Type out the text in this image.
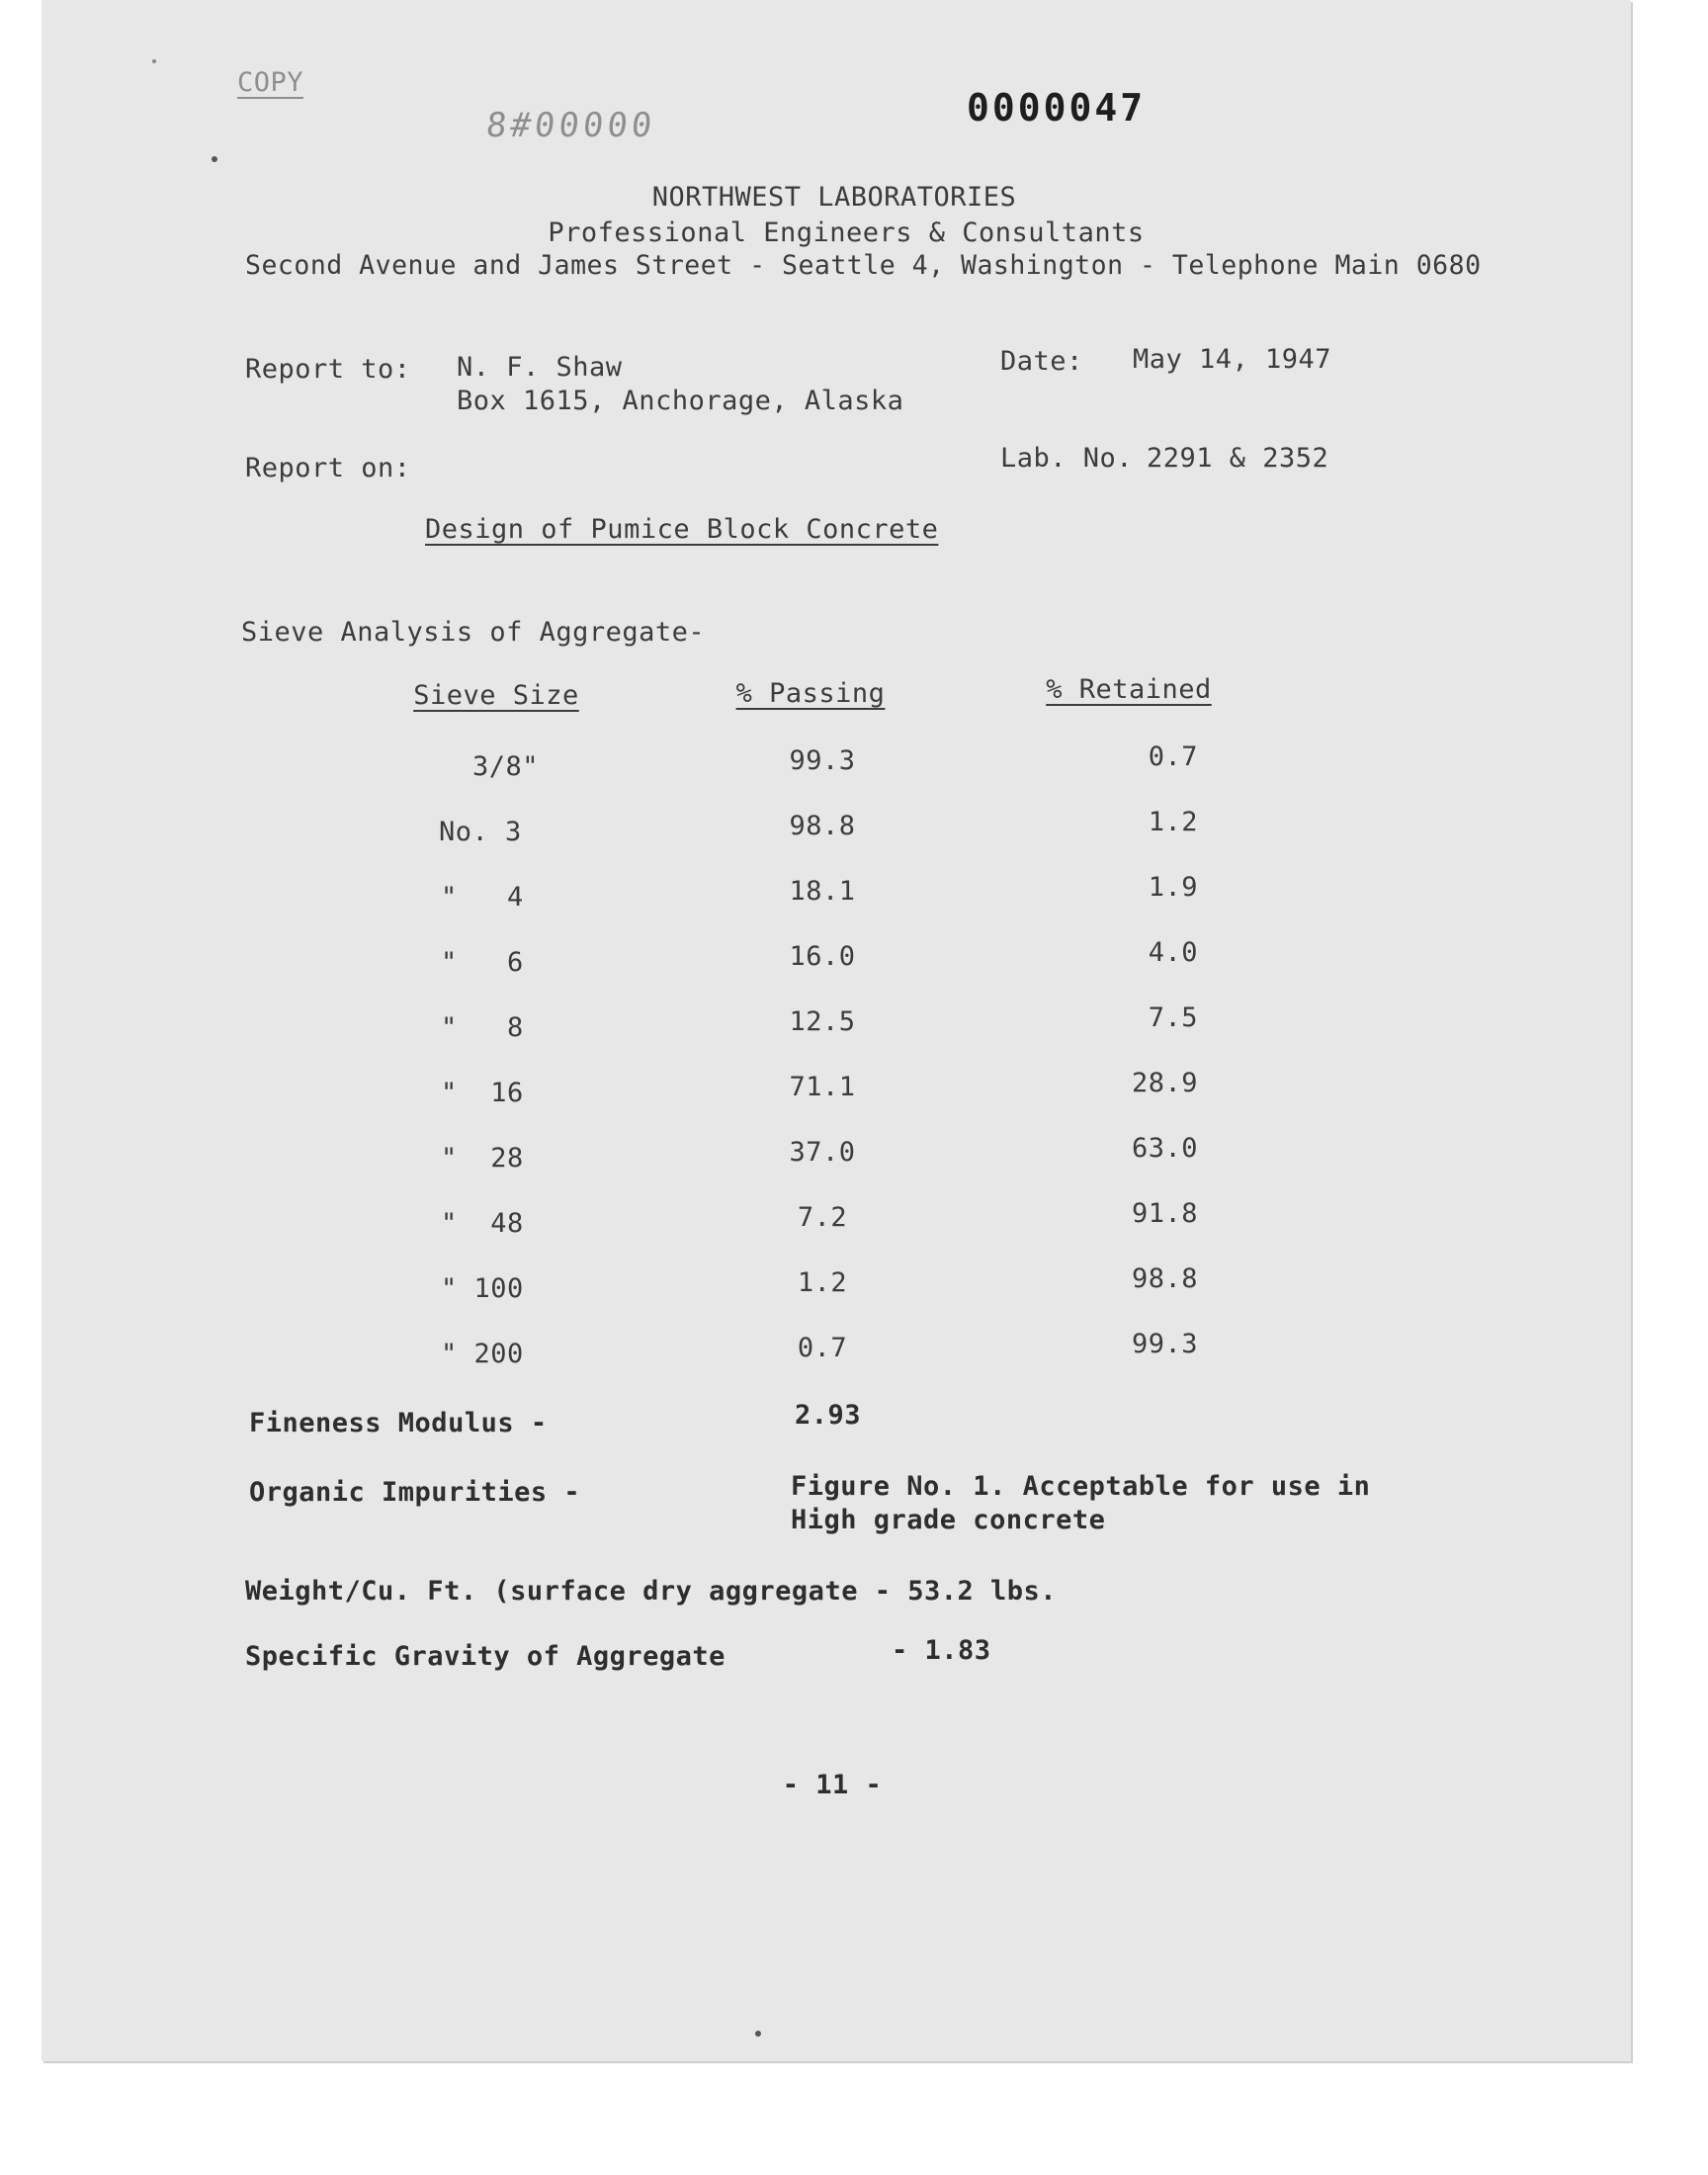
COPY
8#00000	0000047
NORTHWEST LABORATORIES
Professional Engineers & Consultants
Second Avenue and James Street - Seattle 4, Washington - Telephone Main 0680
Report to: N. F. Shaw
Box 1615, Anchorage, Alaska
Date: May 14, 1947
Report on:	Lab. No. 2291 & 2352
Design of Pumice Block Concrete
Sieve Analysis of Aggregate-
Sieve Size	% Passing	% Retained
3/8"	99.3	0.7
No. 3	98.8	1.2
"   4	18.1	1.9
"   6	16.0	4.0
"   8	12.5	7.5
"  16	71.1	28.9
"  28	37.0	63.0
"  48	7.2	91.8
" 100	1.2	98.8
" 200	0.7	99.3
Fineness Modulus -	2.93
Organic Impurities -	Figure No. 1. Acceptable for use in
High grade concrete
Weight/Cu. Ft. (surface dry aggregate - 53.2 lbs.
Specific Gravity of Aggregate	- 1.83
- 11 -
